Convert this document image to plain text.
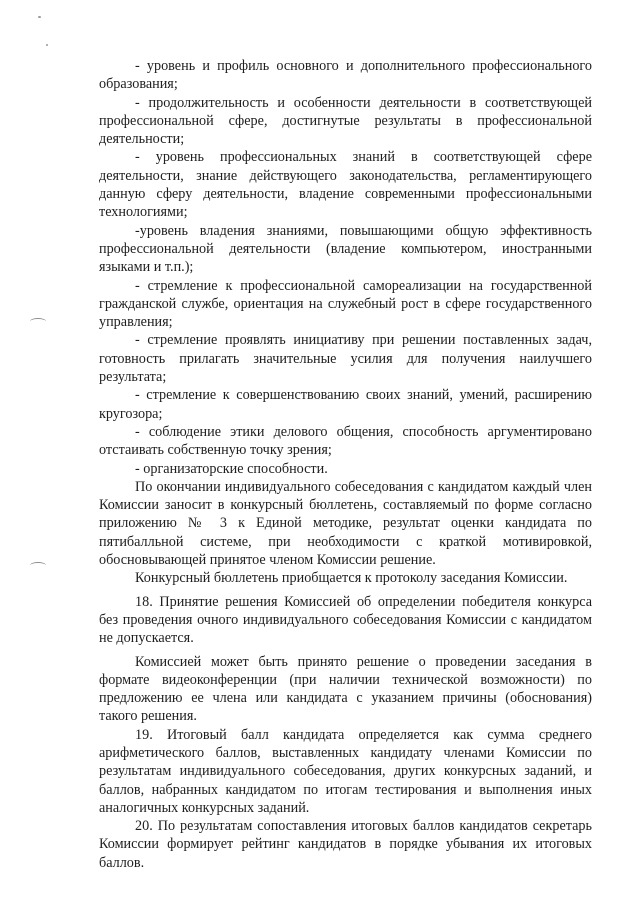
- уровень и профиль основного и дополнительного профессионального образования;

- продолжительность и особенности деятельности в соответствующей профессиональной сфере, достигнутые результаты в профессиональной деятельности;

- уровень профессиональных знаний в соответствующей сфере деятельности, знание действующего законодательства, регламентирующего данную сферу деятельности, владение современными профессиональными технологиями;

-уровень владения знаниями, повышающими общую эффективность профессиональной деятельности (владение компьютером, иностранными языками и т.п.);

- стремление к профессиональной самореализации на государственной гражданской службе, ориентация на служебный рост в сфере государственного управления;

- стремление проявлять инициативу при решении поставленных задач, готовность прилагать значительные усилия для получения наилучшего результата;

- стремление к совершенствованию своих знаний, умений, расширению кругозора;

- соблюдение этики делового общения, способность аргументировано отстаивать собственную точку зрения;

- организаторские способности.

По окончании индивидуального собеседования с кандидатом каждый член Комиссии заносит в конкурсный бюллетень, составляемый по форме согласно приложению № 3 к Единой методике, результат оценки кандидата по пятибалльной системе, при необходимости с краткой мотивировкой, обосновывающей принятое членом Комиссии решение.

Конкурсный бюллетень приобщается к протоколу заседания Комиссии.

18. Принятие решения Комиссией об определении победителя конкурса без проведения очного индивидуального собеседования Комиссии с кандидатом не допускается.

Комиссией может быть принято решение о проведении заседания в формате видеоконференции (при наличии технической возможности) по предложению ее члена или кандидата с указанием причины (обоснования) такого решения.

19. Итоговый балл кандидата определяется как сумма среднего арифметического баллов, выставленных кандидату членами Комиссии по результатам индивидуального собеседования, других конкурсных заданий, и баллов, набранных кандидатом по итогам тестирования и выполнения иных аналогичных конкурсных заданий.

20. По результатам сопоставления итоговых баллов кандидатов секретарь Комиссии формирует рейтинг кандидатов в порядке убывания их итоговых баллов.
